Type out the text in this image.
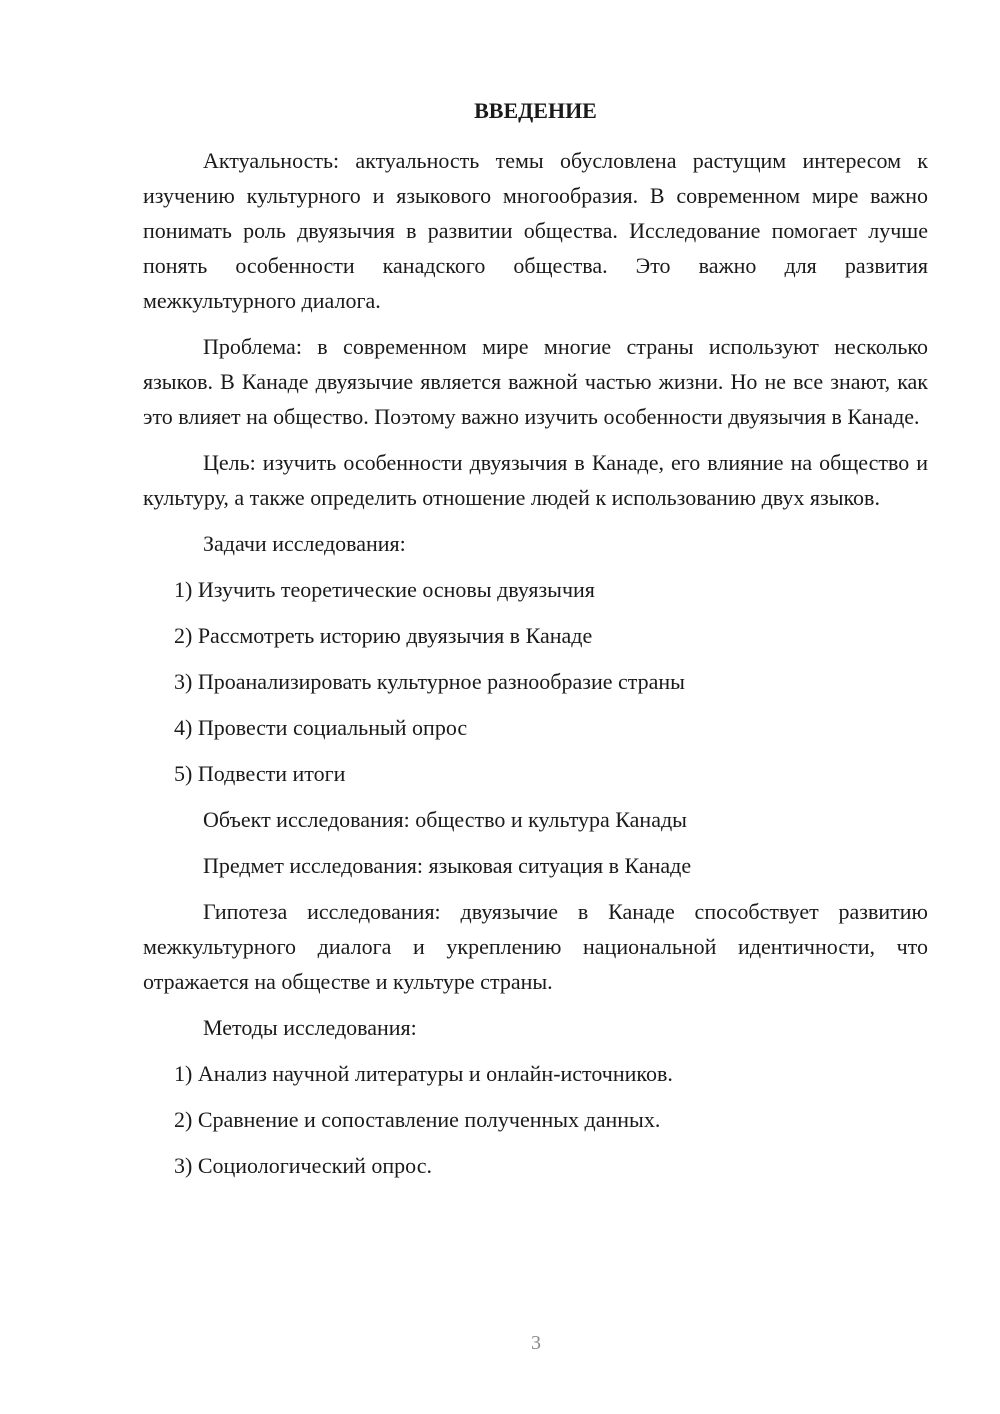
ВВЕДЕНИЕ

Актуальность: актуальность темы обусловлена растущим интересом к изучению культурного и языкового многообразия. В современном мире важно понимать роль двуязычия в развитии общества. Исследование помогает лучше понять особенности канадского общества. Это важно для развития межкультурного диалога.

Проблема: в современном мире многие страны используют несколько языков. В Канаде двуязычие является важной частью жизни. Но не все знают, как это влияет на общество. Поэтому важно изучить особенности двуязычия в Канаде.

Цель: изучить особенности двуязычия в Канаде, его влияние на общество и культуру, а также определить отношение людей к использованию двух языков.

Задачи исследования:

1) Изучить теоретические основы двуязычия

2) Рассмотреть историю двуязычия в Канаде

3) Проанализировать культурное разнообразие страны

4) Провести социальный опрос

5) Подвести итоги

Объект исследования: общество и культура Канады

Предмет исследования: языковая ситуация в Канаде

Гипотеза исследования: двуязычие в Канаде способствует развитию межкультурного диалога и укреплению национальной идентичности, что отражается на обществе и культуре страны.

Методы исследования:

1) Анализ научной литературы и онлайн-источников.

2) Сравнение и сопоставление полученных данных.

3) Социологический опрос.

3
